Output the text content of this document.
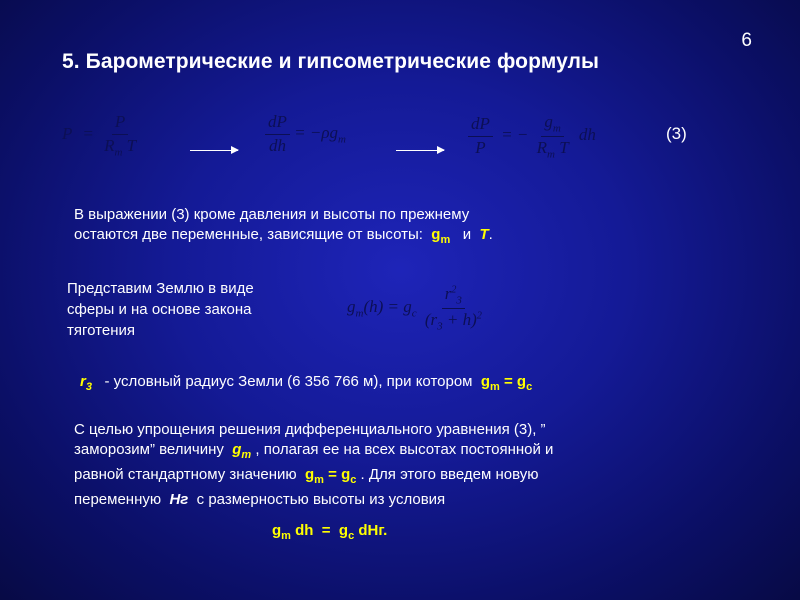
6
5. Барометрические и гипсометрические формулы
$P = \frac{P}{R_m T}$	$\frac{dP}{dh} = -\rho g_m$	$\frac{dP}{P}$ = − $\frac{g_m}{R_m T}$ dh	(3)
В выражении (3) кроме давления и высоты по прежнему
остаются две переменные, зависящие от высоты: $g_m$ и T.
Представим Землю в виде
сферы и на основе закона
тяготения
$g_m(h) = g_c \frac{r^2_3}{(r_3 + h)^2}$
$r_3$ - условный радиус Земли (6 356 766 м), при котором $g_m = g_c$
С целью упрощения решения дифференциального уравнения (3), ”
заморозим” величину $g_m$ , полагая ее на всех высотах постоянной и
равной стандартному значению $g_m = g_c$ . Для этого введем новую
переменную Hг с размерностью высоты из условия
$g_m$ dh = $g_c$ dHг.
